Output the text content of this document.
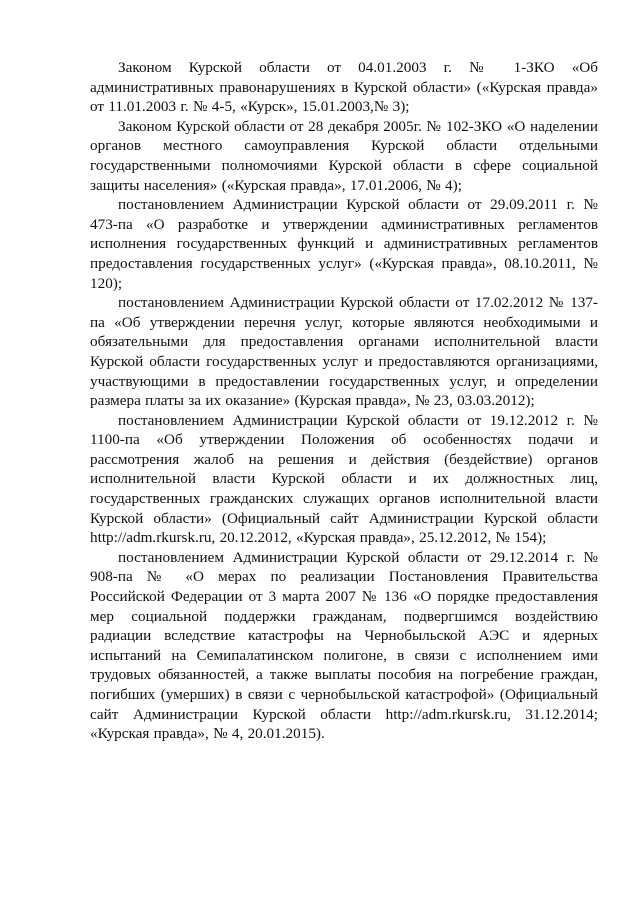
Законом Курской области от 04.01.2003 г. № 1-ЗКО «Об административных правонарушениях в Курской области» («Курская правда» от 11.01.2003 г. № 4-5, «Курск», 15.01.2003,№ 3);

Законом Курской области от 28 декабря 2005г. № 102-ЗКО «О наделении органов местного самоуправления Курской области отдельными государственными полномочиями Курской области в сфере социальной защиты населения» («Курская правда», 17.01.2006, № 4);

постановлением Администрации Курской области от 29.09.2011 г. № 473-па «О разработке и утверждении административных регламентов исполнения государственных функций и административных регламентов предоставления государственных услуг» («Курская правда», 08.10.2011, № 120);

постановлением Администрации Курской области от 17.02.2012 № 137-па «Об утверждении перечня услуг, которые являются необходимыми и обязательными для предоставления органами исполнительной власти Курской области государственных услуг и предоставляются организациями, участвующими в предоставлении государственных услуг, и определении размера платы за их оказание» (Курская правда», № 23, 03.03.2012);

постановлением Администрации Курской области от 19.12.2012 г. № 1100-па «Об утверждении Положения об особенностях подачи и рассмотрения жалоб на решения и действия (бездействие) органов исполнительной власти Курской области и их должностных лиц, государственных гражданских служащих органов исполнительной власти Курской области» (Официальный сайт Администрации Курской области http://adm.rkursk.ru, 20.12.2012, «Курская правда», 25.12.2012, № 154);

постановлением Администрации Курской области от 29.12.2014 г. № 908-па № «О мерах по реализации Постановления Правительства Российской Федерации от 3 марта 2007 № 136 «О порядке предоставления мер социальной поддержки гражданам, подвергшимся воздействию радиации вследствие катастрофы на Чернобыльской АЭС и ядерных испытаний на Семипалатинском полигоне, в связи с исполнением ими трудовых обязанностей, а также выплаты пособия на погребение граждан, погибших (умерших) в связи с чернобыльской катастрофой» (Официальный сайт Администрации Курской области http://adm.rkursk.ru, 31.12.2014; «Курская правда», № 4, 20.01.2015).
